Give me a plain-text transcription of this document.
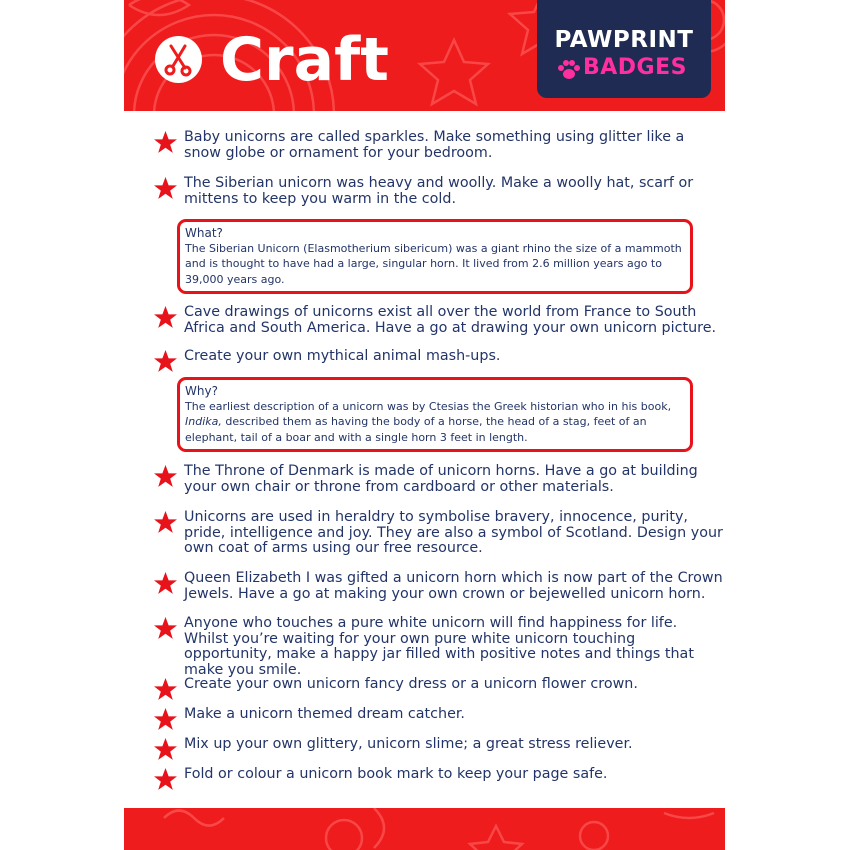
Craft	PAWPRINT
BADGES
Baby unicorns are called sparkles. Make something using glitter like a snow globe or ornament for your bedroom.
The Siberian unicorn was heavy and woolly. Make a woolly hat, scarf or mittens to keep you warm in the cold.
What?
The Siberian Unicorn (Elasmotherium sibericum) was a giant rhino the size of a mammoth and is thought to have had a large, singular horn. It lived from 2.6 million years ago to 39,000 years ago.
Cave drawings of unicorns exist all over the world from France to South Africa and South America. Have a go at drawing your own unicorn picture.
Create your own mythical animal mash-ups.
Why?
The earliest description of a unicorn was by Ctesias the Greek historian who in his book,
Indika, described them as having the body of a horse, the head of a stag, feet of an elephant, tail of a boar and with a single horn 3 feet in length.
The Throne of Denmark is made of unicorn horns. Have a go at building your own chair or throne from cardboard or other materials.
Unicorns are used in heraldry to symbolise bravery, innocence, purity, pride, intelligence and joy. They are also a symbol of Scotland. Design your own coat of arms using our free resource.
Queen Elizabeth I was gifted a unicorn horn which is now part of the Crown Jewels. Have a go at making your own crown or bejewelled unicorn horn.
Anyone who touches a pure white unicorn will find happiness for life. Whilst you’re waiting for your own pure white unicorn touching opportunity, make a happy jar filled with positive notes and things that make you smile.
Create your own unicorn fancy dress or a unicorn flower crown.
Make a unicorn themed dream catcher.
Mix up your own glittery, unicorn slime; a great stress reliever.
Fold or colour a unicorn book mark to keep your page safe.
